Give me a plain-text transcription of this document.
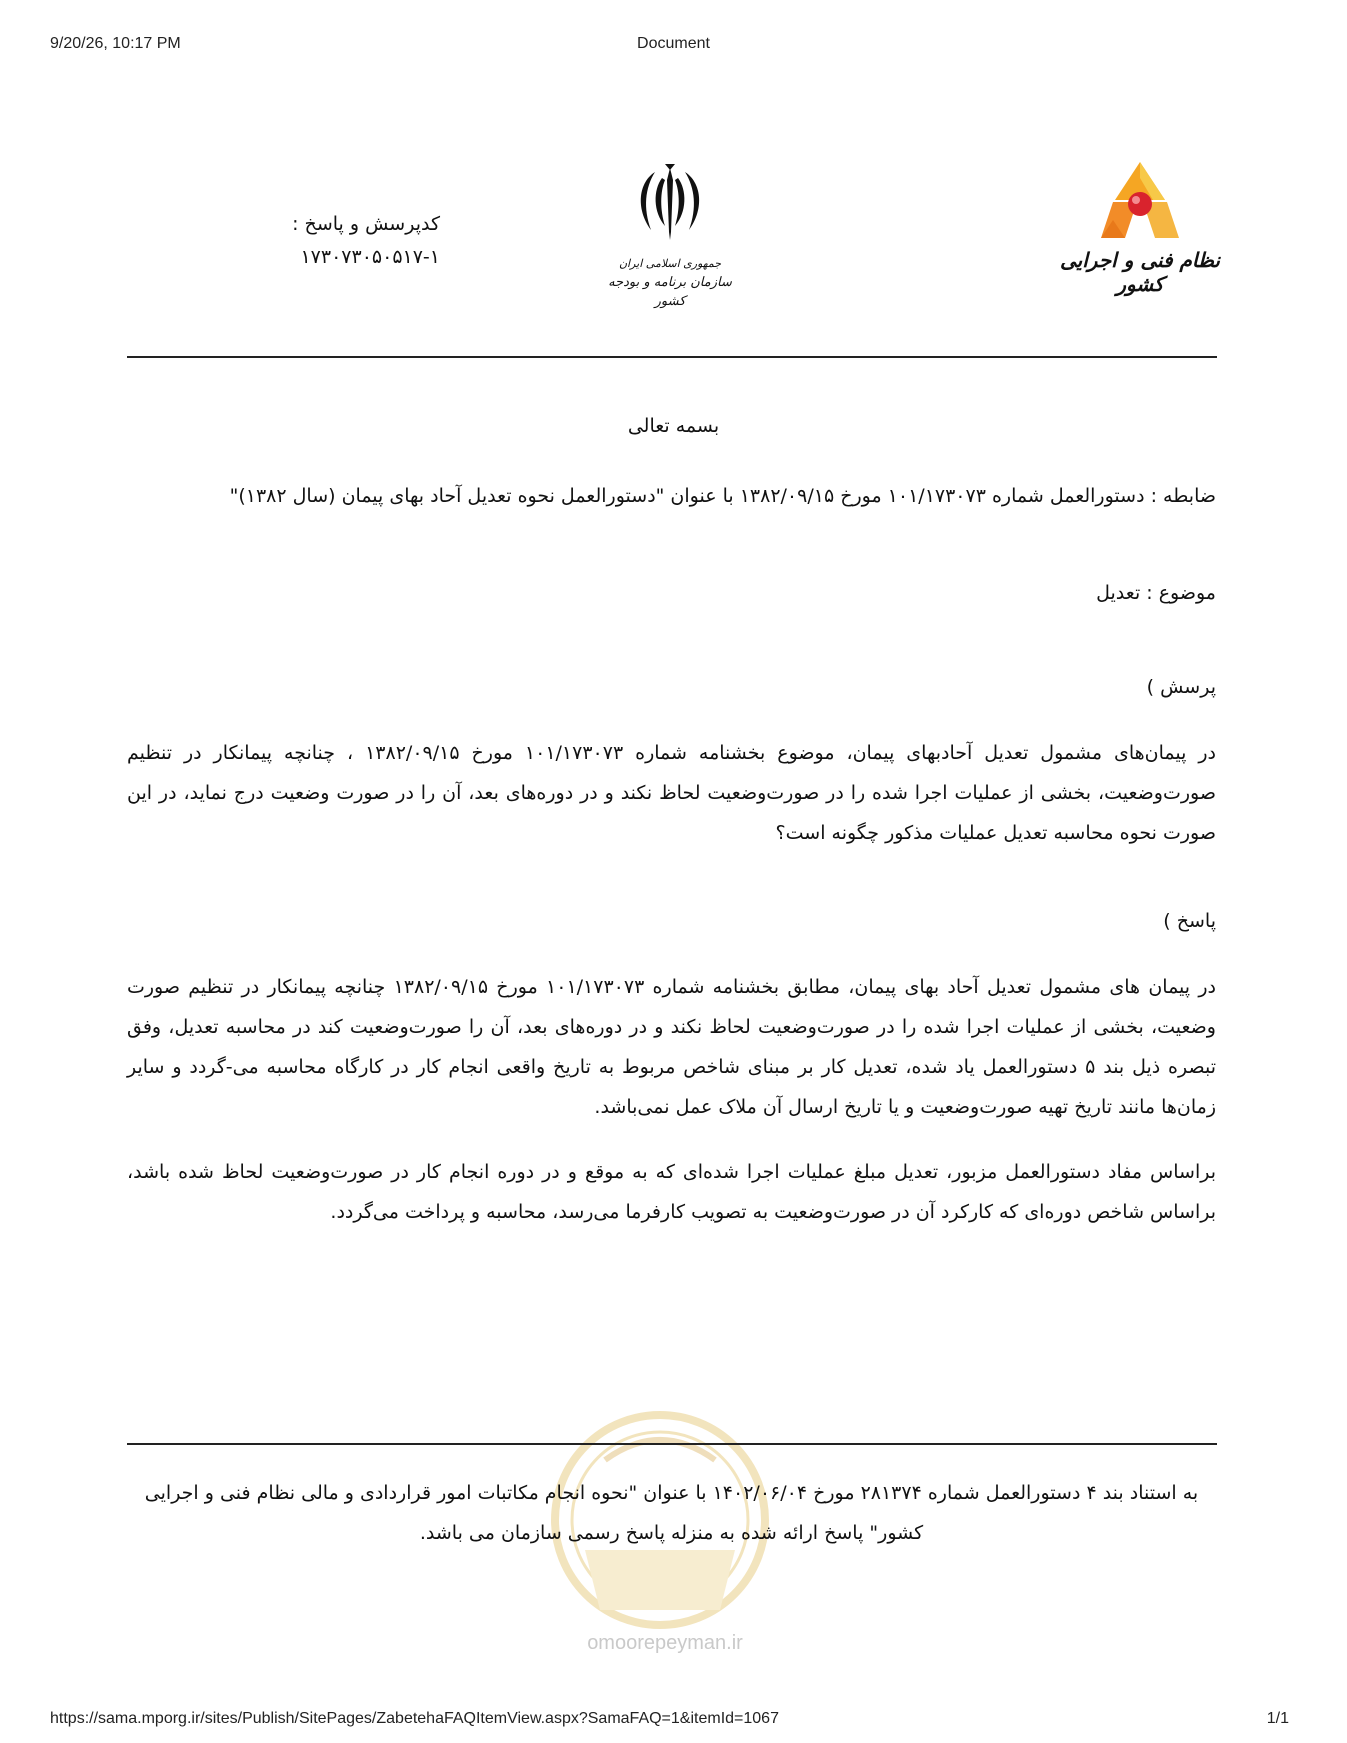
9/20/26, 10:17 PM	Document
https://sama.mporg.ir/sites/Publish/SitePages/ZabetehaFAQItemView.aspx?SamaFAQ=1&itemId=1067	1/1
کدپرسش و پاسخ :
۱۷۳۰۷۳۰۵۰۵۱۷-۱	جمهوری اسلامی ایران
سازمان برنامه و بودجه کشور
نظام فنی و اجرایی کشور
بسمه تعالی
ضابطه : دستورالعمل شماره ۱۰۱/۱۷۳۰۷۳ مورخ ۱۳۸۲/۰۹/۱۵ با عنوان "دستورالعمل نحوه تعدیل آحاد بهای پیمان (سال ۱۳۸۲)"
موضوع : تعدیل
پرسش )
در پیمان‌های مشمول تعدیل آحادبهای پیمان، موضوع بخشنامه شماره ۱۰۱/۱۷۳۰۷۳ مورخ ۱۳۸۲/۰۹/۱۵ ، چنانچه پیمانکار در تنظیم صورت‌وضعیت، بخشی از عملیات اجرا شده را در صورت‌وضعیت لحاظ نکند و در دوره‌های بعد، آن را در صورت وضعیت درج نماید، در این صورت نحوه محاسبه تعدیل عملیات مذکور چگونه است؟
پاسخ )
در پیمان های مشمول تعدیل آحاد بهای پیمان، مطابق بخشنامه شماره ۱۰۱/۱۷۳۰۷۳ مورخ ۱۳۸۲/۰۹/۱۵ چنانچه پیمانکار در تنظیم صورت وضعیت، بخشی از عملیات اجرا شده را در صورت‌وضعیت لحاظ نکند و در دوره‌های بعد، آن را صورت‌وضعیت کند در محاسبه تعدیل، وفق تبصره ذیل بند ۵ دستورالعمل یاد شده، تعدیل کار بر مبنای شاخص مربوط به تاریخ واقعی انجام کار در کارگاه محاسبه می-گردد و سایر زمان‌ها مانند تاریخ تهیه صورت‌وضعیت و یا تاریخ ارسال آن ملاک عمل نمی‌باشد.
براساس مفاد دستورالعمل مزبور، تعدیل مبلغ عملیات اجرا شده‌ای که به موقع و در دوره انجام کار در صورت‌وضعیت لحاظ شده باشد، براساس شاخص دوره‌ای که کارکرد آن در صورت‌وضعیت به تصویب کارفرما می‌رسد، محاسبه و پرداخت می‌گردد.
omoorepeyman.ir
به استناد بند ۴ دستورالعمل شماره ۲۸۱۳۷۴ مورخ ۱۴۰۲/۰۶/۰۴ با عنوان "نحوه انجام مکاتبات امور قراردادی و مالی نظام فنی و اجرایی کشور" پاسخ ارائه شده به منزله پاسخ رسمی سازمان می باشد.
